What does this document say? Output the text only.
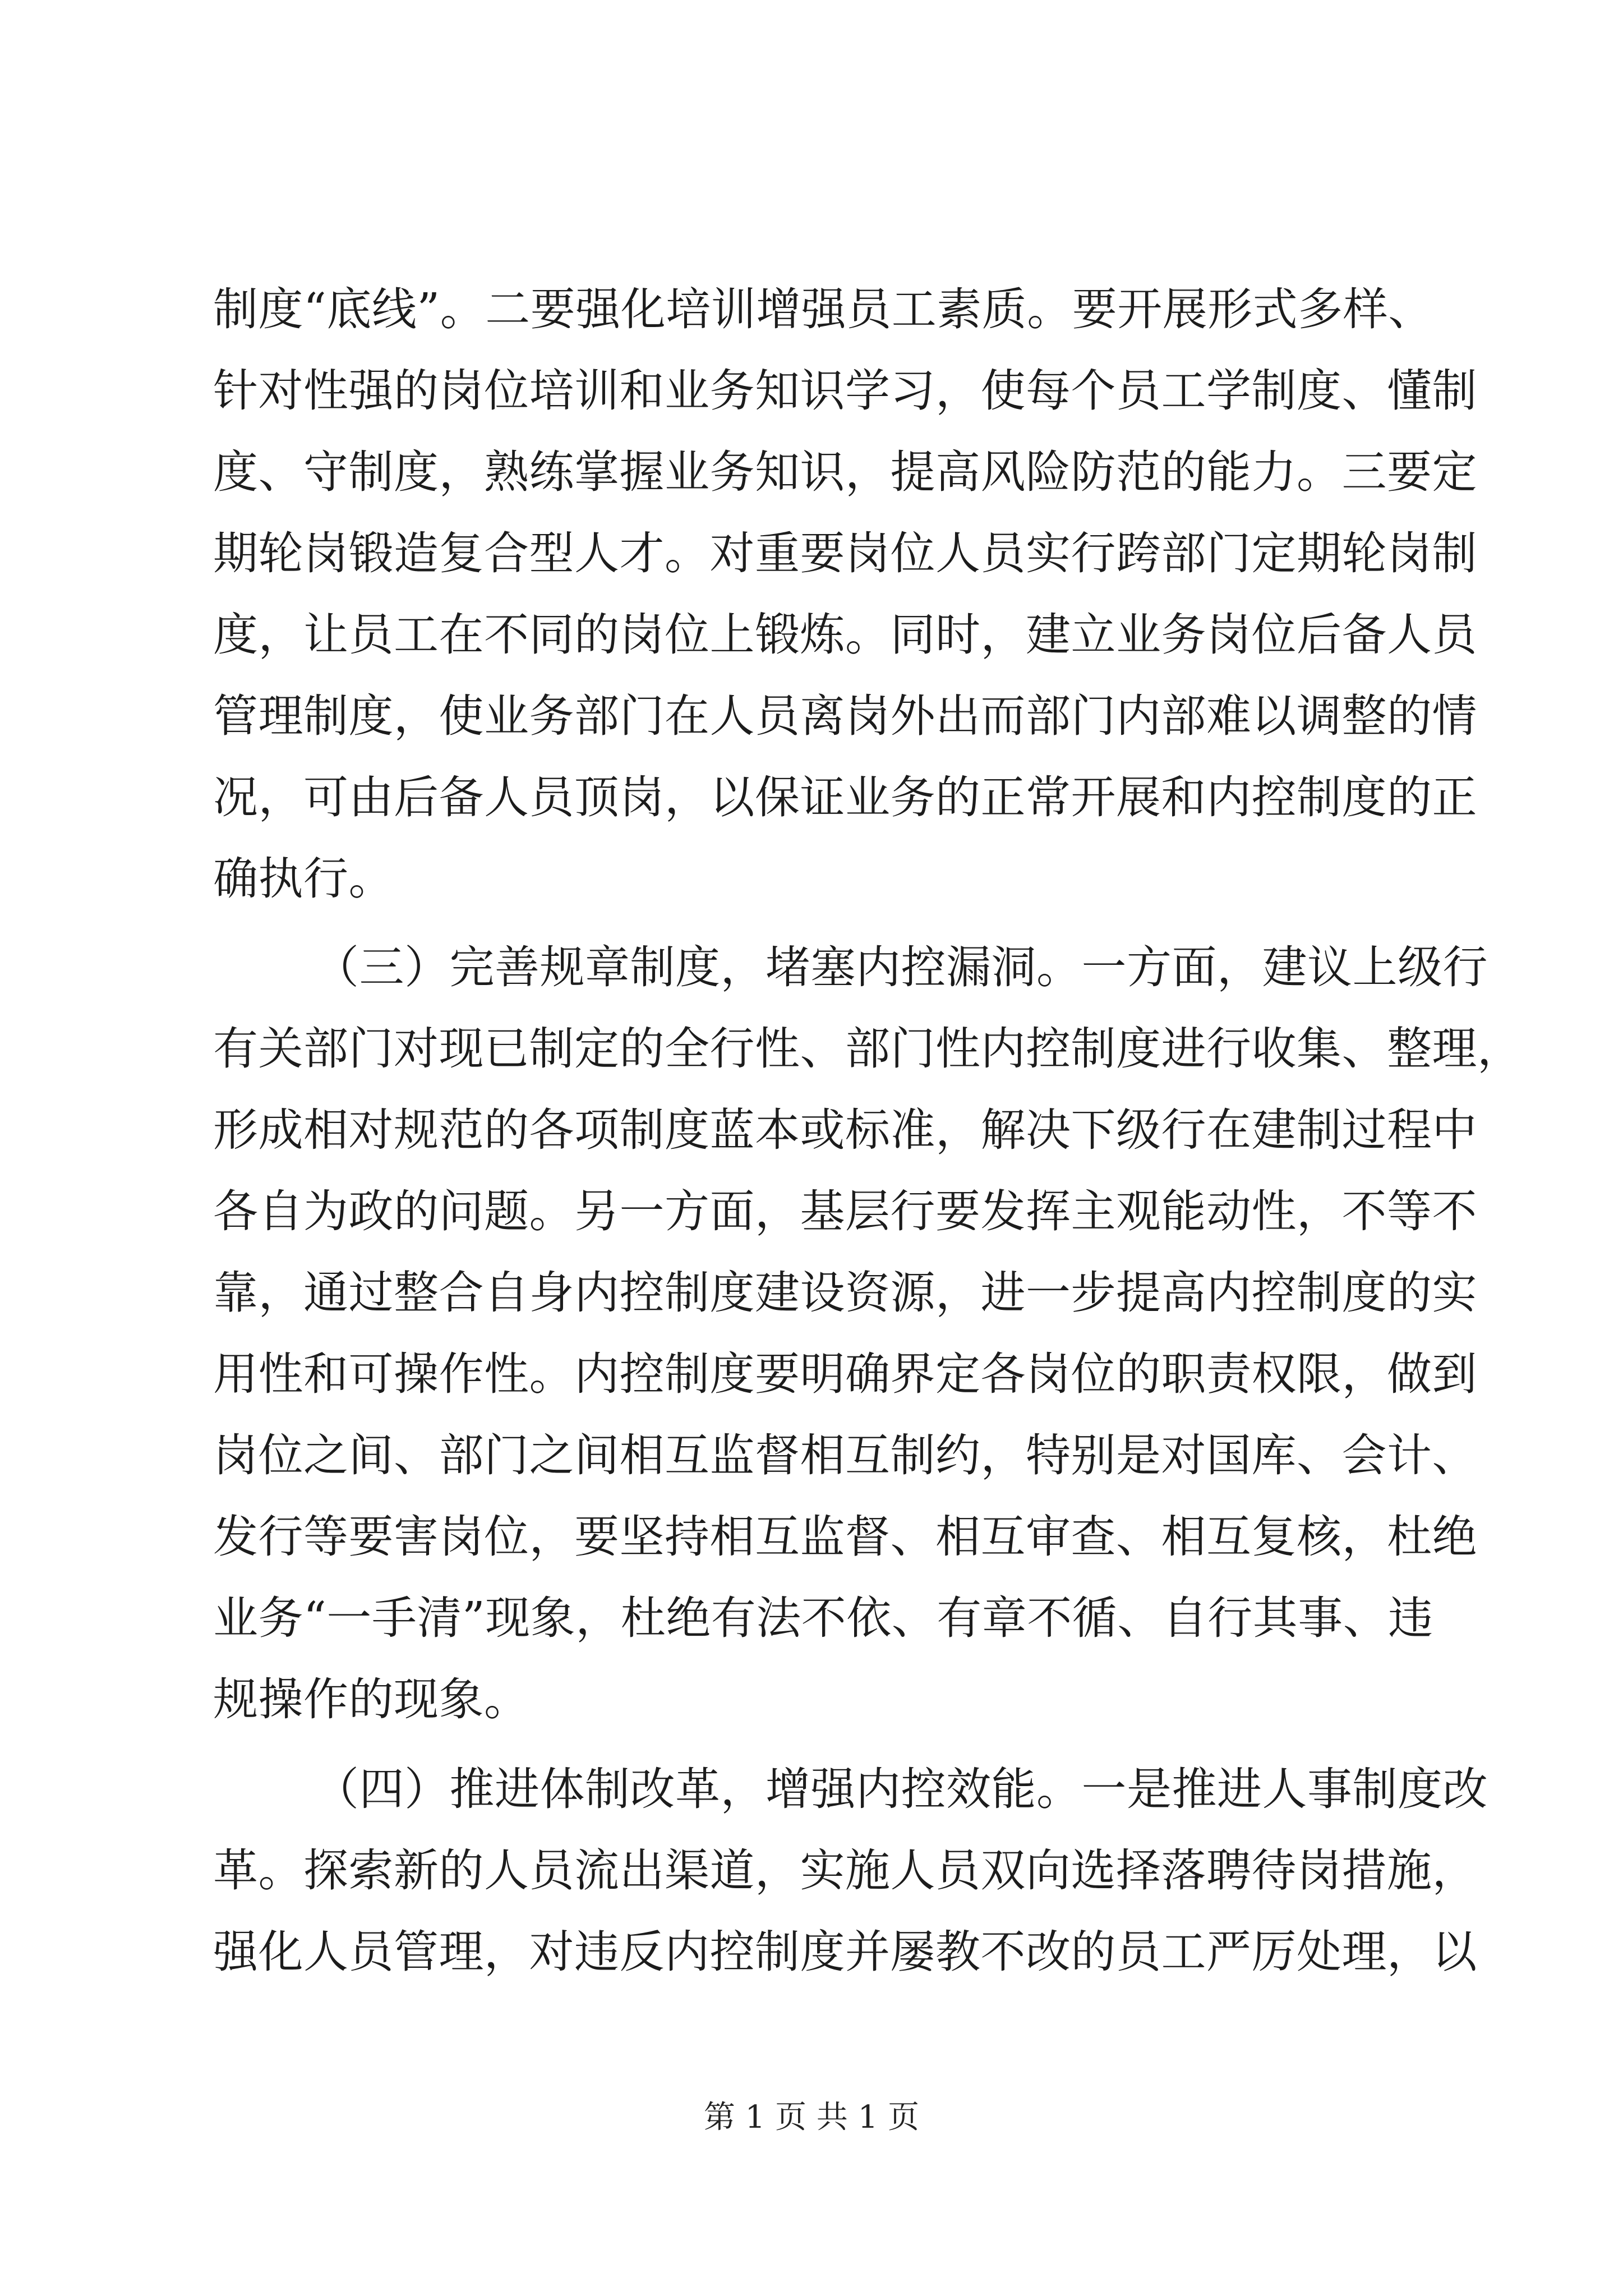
制度“底线”。二要强化培训增强员工素质。要开展形式多样、
针对性强的岗位培训和业务知识学习，使每个员工学制度、懂制
度、守制度，熟练掌握业务知识，提高风险防范的能力。三要定
期轮岗锻造复合型人才。对重要岗位人员实行跨部门定期轮岗制
度，让员工在不同的岗位上锻炼。同时，建立业务岗位后备人员
管理制度，使业务部门在人员离岗外出而部门内部难以调整的情
况，可由后备人员顶岗，以保证业务的正常开展和内控制度的正
确执行。
（三）完善规章制度，堵塞内控漏洞。一方面，建议上级行
有关部门对现已制定的全行性、部门性内控制度进行收集、整理，
形成相对规范的各项制度蓝本或标准，解决下级行在建制过程中
各自为政的问题。另一方面，基层行要发挥主观能动性，不等不
靠，通过整合自身内控制度建设资源，进一步提高内控制度的实
用性和可操作性。内控制度要明确界定各岗位的职责权限，做到
岗位之间、部门之间相互监督相互制约，特别是对国库、会计、
发行等要害岗位，要坚持相互监督、相互审查、相互复核，杜绝
业务“一手清”现象，杜绝有法不依、有章不循、自行其事、违
规操作的现象。
（四）推进体制改革，增强内控效能。一是推进人事制度改
革。探索新的人员流出渠道，实施人员双向选择落聘待岗措施，
强化人员管理，对违反内控制度并屡教不改的员工严厉处理，以
第 1 页 共 1 页
